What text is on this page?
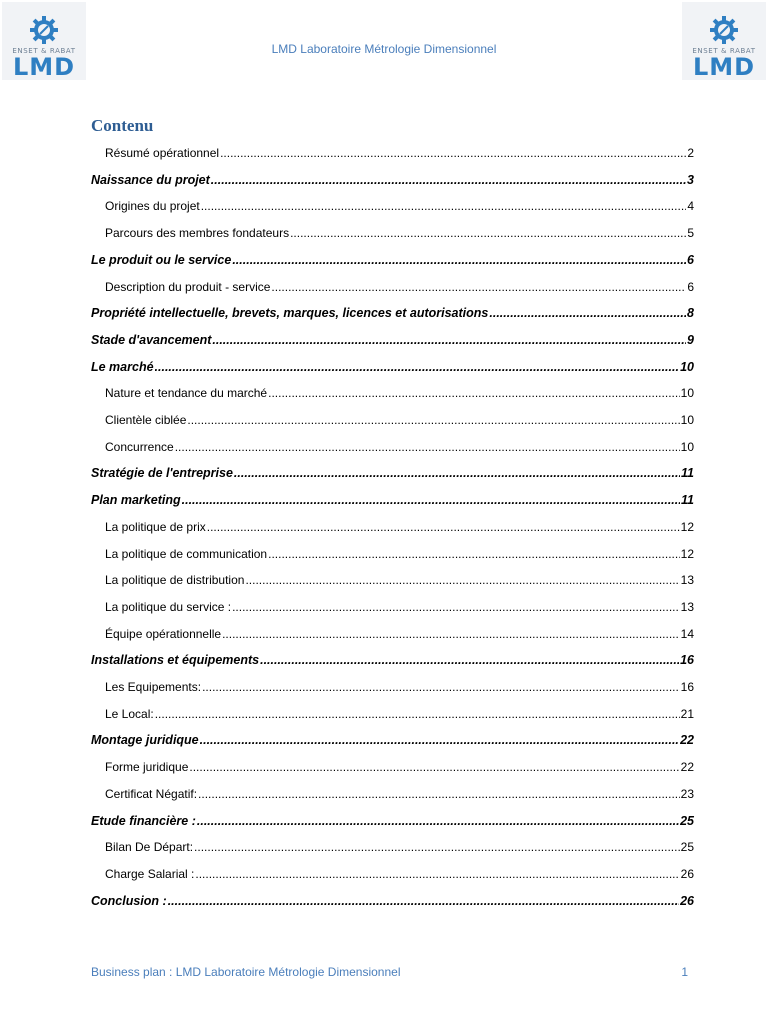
ENSET & RABAT
LMD
ENSET & RABAT
LMD
LMD Laboratoire Métrologie Dimensionnel
Contenu
Résumé opérationnel .....	2
Naissance du projet .....	3
Origines du projet .....	4
Parcours des membres fondateurs .....	5
Le produit ou le service .....	6
Description du produit - service .....	6
Propriété intellectuelle, brevets, marques, licences et autorisations .....	8
Stade d'avancement .....	9
Le marché .....	10
Nature et tendance du marché .....	10
Clientèle ciblée .....	10
Concurrence .....	10
Stratégie de l'entreprise .....	11
Plan marketing .....	11
La politique de prix .....	12
La politique de communication .....	12
La politique de distribution .....	13
La politique du service : .....	13
Équipe opérationnelle .....	14
Installations et équipements .....	16
Les Equipements: .....	16
Le Local: .....	21
Montage juridique .....	22
Forme juridique .....	22
Certificat Négatif: .....	23
Etude financière : .....	25
Bilan De Départ: .....	25
Charge Salarial : .....	26
Conclusion : .....	26
Business plan : LMD Laboratoire Métrologie Dimensionnel	1
